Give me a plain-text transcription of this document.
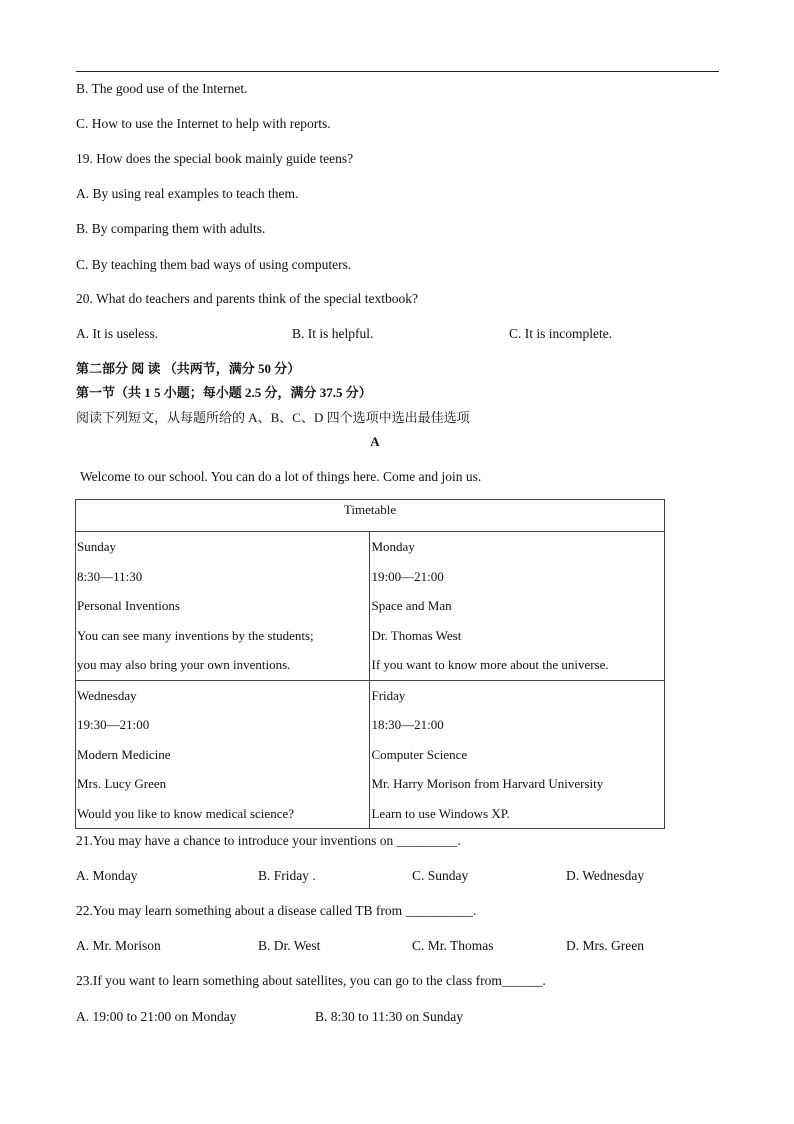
B. The good use of the Internet.
C. How to use the Internet to help with reports.
19. How does the special book mainly guide teens?
A. By using real examples to teach them.
B. By comparing them with adults.
C. By teaching them bad ways of using computers.
20. What do teachers and parents think of the special textbook?
A. It is useless.	B. It is helpful.	C. It is incomplete.
第二部分 阅 读 （共两节，满分 50 分）
第一节（共 1 5 小题；每小题 2.5 分，满分 37.5 分）
阅读下列短文，从每题所给的 A、B、C、D 四个选项中选出最佳选项
A
Welcome to our school. You can do a lot of things here. Come and join us.
Timetable	

Sunday
8:30—11:30
Personal Inventions
You can see many inventions by the students;
you may also bring your own inventions.	Monday
19:00—21:00
Space and Man
Dr. Thomas West
If you want to know more about the universe.

Wednesday
19:30—21:00
Modern Medicine
Mrs. Lucy Green
Would you like to know medical science?	Friday
18:30—21:00
Computer Science
Mr. Harry Morison from Harvard University
Learn to use Windows XP.
21.You may have a chance to introduce your inventions on _________.
A. Monday	B. Friday .	C. Sunday	D. Wednesday
22.You may learn something about a disease called TB from __________.
A. Mr. Morison	B. Dr. West	C. Mr. Thomas	D. Mrs. Green
23.If you want to learn something about satellites, you can go to the class from______.
A. 19:00 to 21:00 on Monday	B. 8:30 to 11:30 on Sunday
